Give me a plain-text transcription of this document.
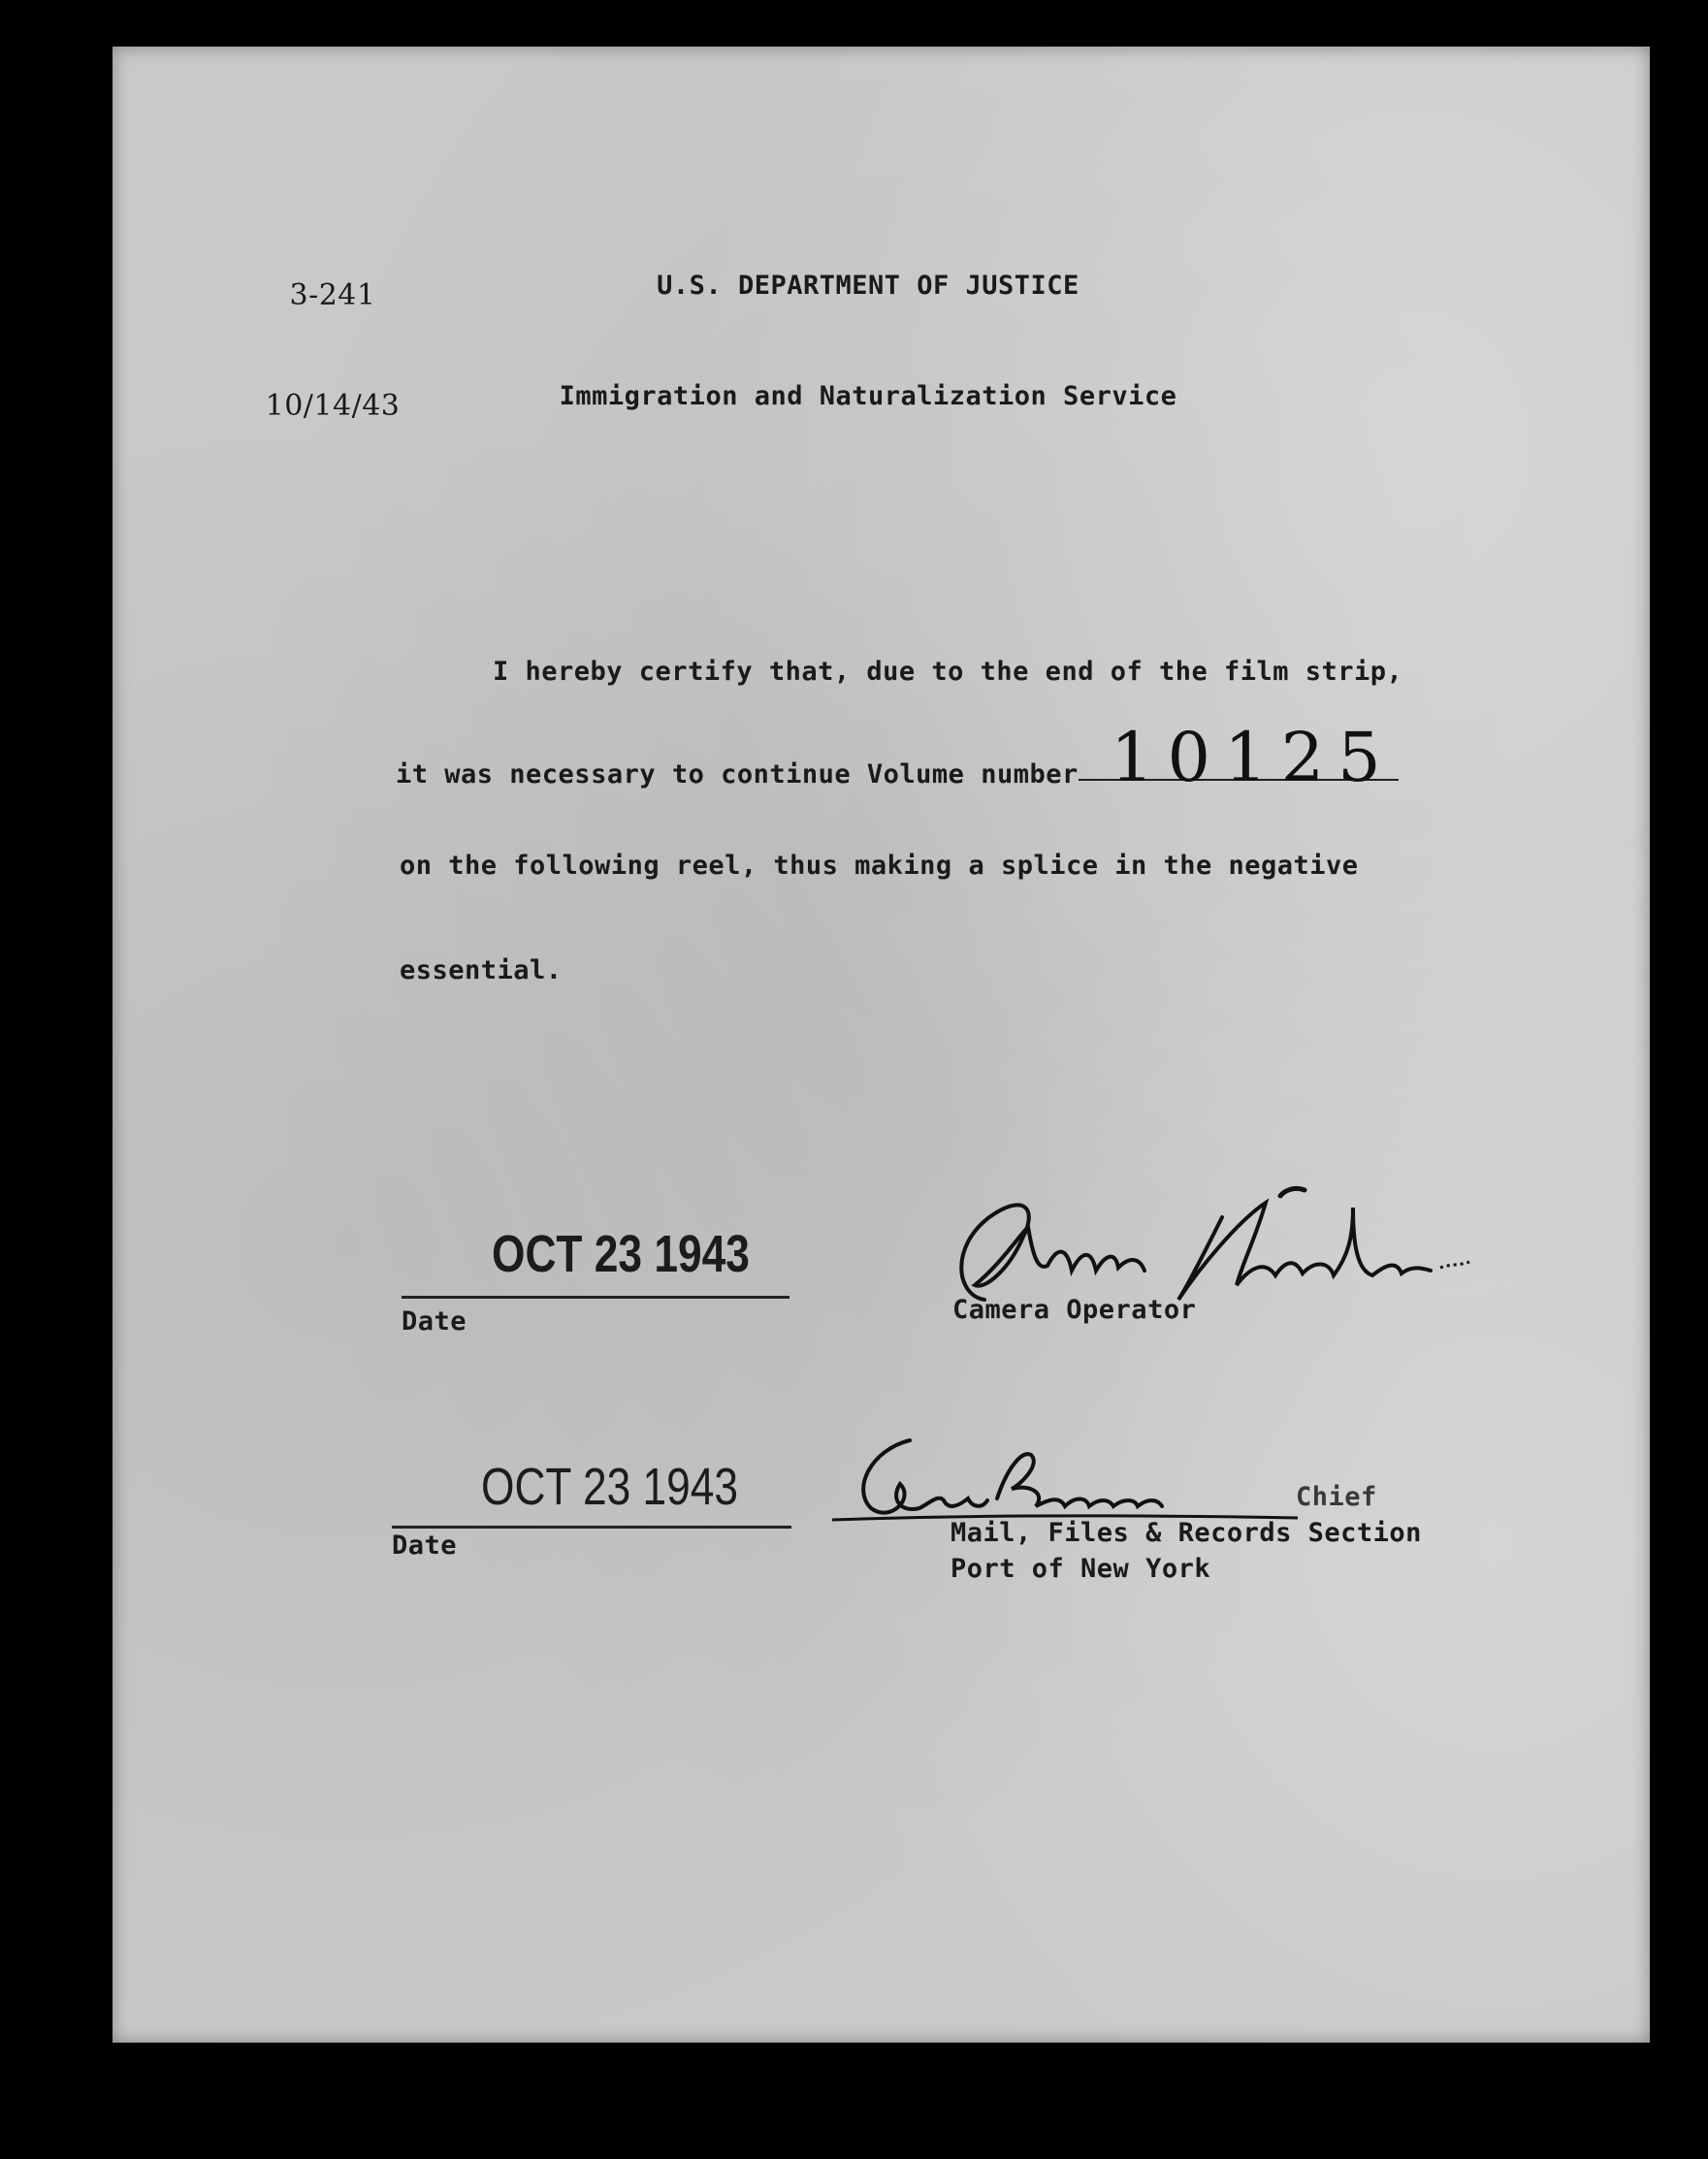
3-241

10/14/43

U.S. DEPARTMENT OF JUSTICE

Immigration and Naturalization Service

I hereby certify that, due to the end of the film strip,
it was necessary to continue Volume number 10125
on the following reel, thus making a splice in the negative
essential.
OCT 23 1943
Date	Camera Operator
OCT 23 1943
Date
Chief
Mail, Files & Records Section
Port of New York
